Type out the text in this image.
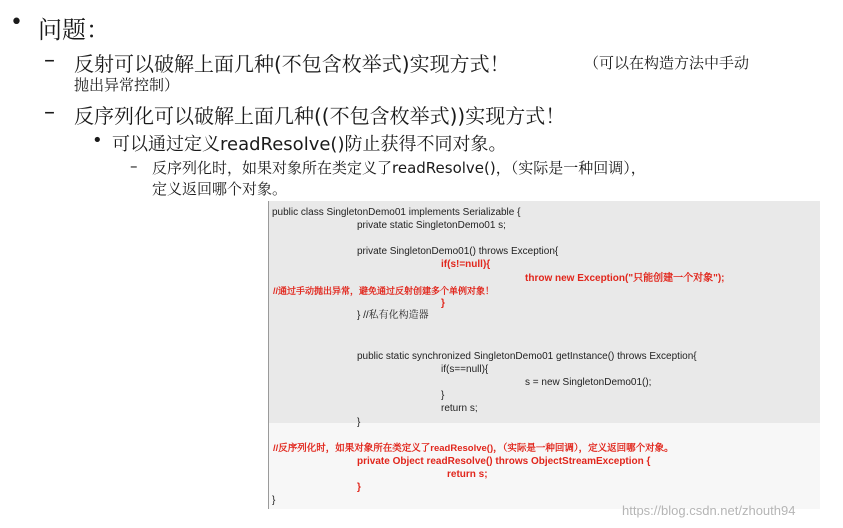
• 问题：
– 反射可以破解上面几种(不包含枚举式)实现方式！	（可以在构造方法中手动
抛出异常控制）
– 反序列化可以破解上面几种((不包含枚举式))实现方式！
• 可以通过定义readResolve()防止获得不同对象。
– 反序列化时，如果对象所在类定义了readResolve()，（实际是一种回调），
定义返回哪个对象。
public class SingletonDemo01 implements Serializable {
private static SingletonDemo01 s;
private SingletonDemo01() throws Exception{
if(s!=null){
throw new Exception("只能创建一个对象");
//通过手动抛出异常，避免通过反射创建多个单例对象！
}
} //私有化构造器
public static synchronized SingletonDemo01 getInstance() throws Exception{
if(s==null){
s = new SingletonDemo01();
}
return s;
}
//反序列化时，如果对象所在类定义了readResolve()，（实际是一种回调），定义返回哪个对象。
private Object readResolve() throws ObjectStreamException {
return s;
}
}
https://blog.csdn.net/zhouth94
